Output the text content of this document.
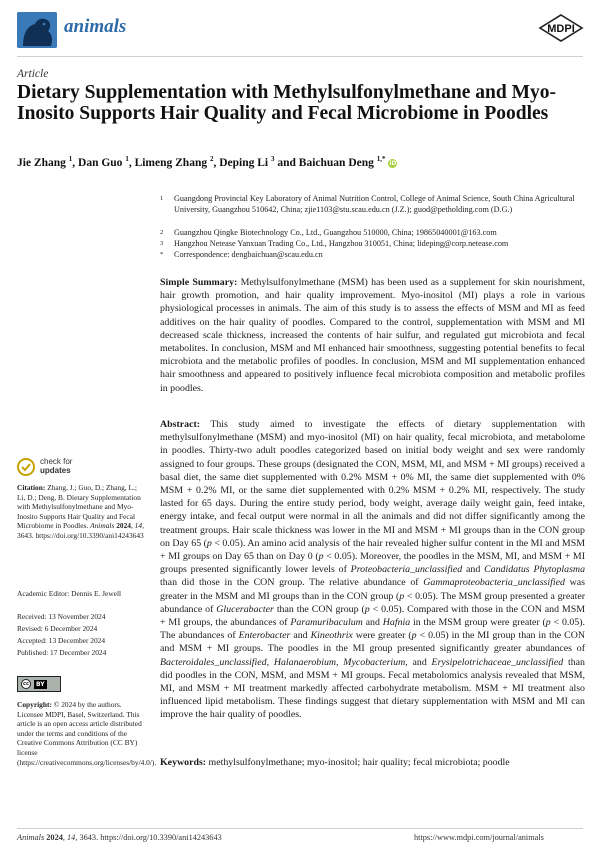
animals	MDPI
Article
Dietary Supplementation with Methylsulfonylmethane and Myo-Inosito Supports Hair Quality and Fecal Microbiome in Poodles
Jie Zhang $^1$, Dan Guo $^1$, Limeng Zhang $^2$, Deping Li $^3$ and Baichuan Deng $^{1,*}$ iD
1 Guangdong Provincial Key Laboratory of Animal Nutrition Control, College of Animal Science, South China Agricultural University, Guangzhou 510642, China; zjie1103@stu.scau.edu.cn (J.Z.); guod@petholding.com (D.G.)
2 Guangzhou Qingke Biotechnology Co., Ltd., Guangzhou 510000, China; 19865040001@163.com
3 Hangzhou Netease Yanxuan Trading Co., Ltd., Hangzhou 310051, China; lideping@corp.netease.com
* Correspondence: dengbaichuan@scau.edu.cn
Simple Summary: Methylsulfonylmethane (MSM) has been used as a supplement for skin nourishment, hair growth promotion, and hair quality improvement. Myo-inositol (MI) plays a role in various physiological processes in animals. The aim of this study is to assess the effects of MSM and MI as feed additives on the hair quality of poodles. Compared to the control, supplementation with MSM and MI decreased scale thickness, increased the contents of hair sulfur, and regulated gut microbiota and fecal metabolites. In conclusion, MSM and MI enhanced hair smoothness, suggesting potential benefits to fecal microbiota and the metabolic profiles of poodles. In conclusion, MSM and MI supplementation enhanced hair smoothness and appeared to positively influence fecal microbiota composition and metabolic profiles in poodles.
Abstract: This study aimed to investigate the effects of dietary supplementation with methylsulfonylmethane (MSM) and myo-inositol (MI) on hair quality, fecal microbiota, and metabolome in poodles. Thirty-two adult poodles categorized based on initial body weight and sex were randomly assigned to four groups. These groups (designated the CON, MSM, MI, and MSM + MI groups) received a basal diet, the same diet supplemented with 0.2% MSM + 0% MI, the same diet supplemented with 0% MSM + 0.2% MI, or the same diet supplemented with 0.2% MSM + 0.2% MI, respectively. The study lasted for 65 days. During the entire study period, body weight, average daily weight gain, feed intake, energy intake, and fecal output were normal in all the animals and did not differ significantly among the treatment groups. Hair scale thickness was lower in the MI and MSM + MI groups than in the CON group on Day 65 (p < 0.05). An amino acid analysis of the hair revealed higher sulfur content in the MI and MSM + MI groups on Day 65 than on Day 0 (p < 0.05). Moreover, the poodles in the MSM, MI, and MSM + MI groups presented significantly lower levels of Proteobacteria_unclassified and Candidatus Phytoplasma than did those in the CON group. The relative abundance of Gammaproteobacteria_unclassified was greater in the MSM and MI groups than in the CON group (p < 0.05). The MSM group presented a greater abundance of Glucerabacter than the CON group (p < 0.05). Compared with those in the CON and MSM + MI groups, the abundances of Paramuribaculum and Hafnia in the MSM group were greater (p < 0.05). The abundances of Enterobacter and Kineothrix were greater (p < 0.05) in the MI group than in the CON and MSM + MI groups. The poodles in the MI group presented significantly greater abundances of Bacteroidales_unclassified, Halanaerobium, Mycobacterium, and Erysipelotrichaceae_unclassified than did poodles in the CON, MSM, and MSM + MI groups. Fecal metabolomics analysis revealed that MSM, MI, and MSM + MI treatment markedly affected carbohydrate metabolism. MSM + MI treatment also influenced lipid metabolism. These findings suggest that dietary supplementation with MSM and MI can improve the hair quality of poodles.
Keywords: methylsulfonylmethane; myo-inositol; hair quality; fecal microbiota; poodle
check for
updates
Citation: Zhang, J.; Guo, D.; Zhang, L.; Li, D.; Deng, B. Dietary Supplementation with Methylsulfonylmethane and Myo-Inosito Supports Hair Quality and Fecal Microbiome in Poodles. Animals 2024, 14, 3643. https://doi.org/10.3390/ani14243643
Academic Editor: Dennis E. Jewell
Received: 13 November 2024
Revised: 6 December 2024
Accepted: 13 December 2024
Published: 17 December 2024
cc	BY
Copyright: © 2024 by the authors. Licensee MDPI, Basel, Switzerland. This article is an open access article distributed under the terms and conditions of the Creative Commons Attribution (CC BY) license (https://creativecommons.org/licenses/by/4.0/).
Animals 2024, 14, 3643. https://doi.org/10.3390/ani14243643	https://www.mdpi.com/journal/animals
